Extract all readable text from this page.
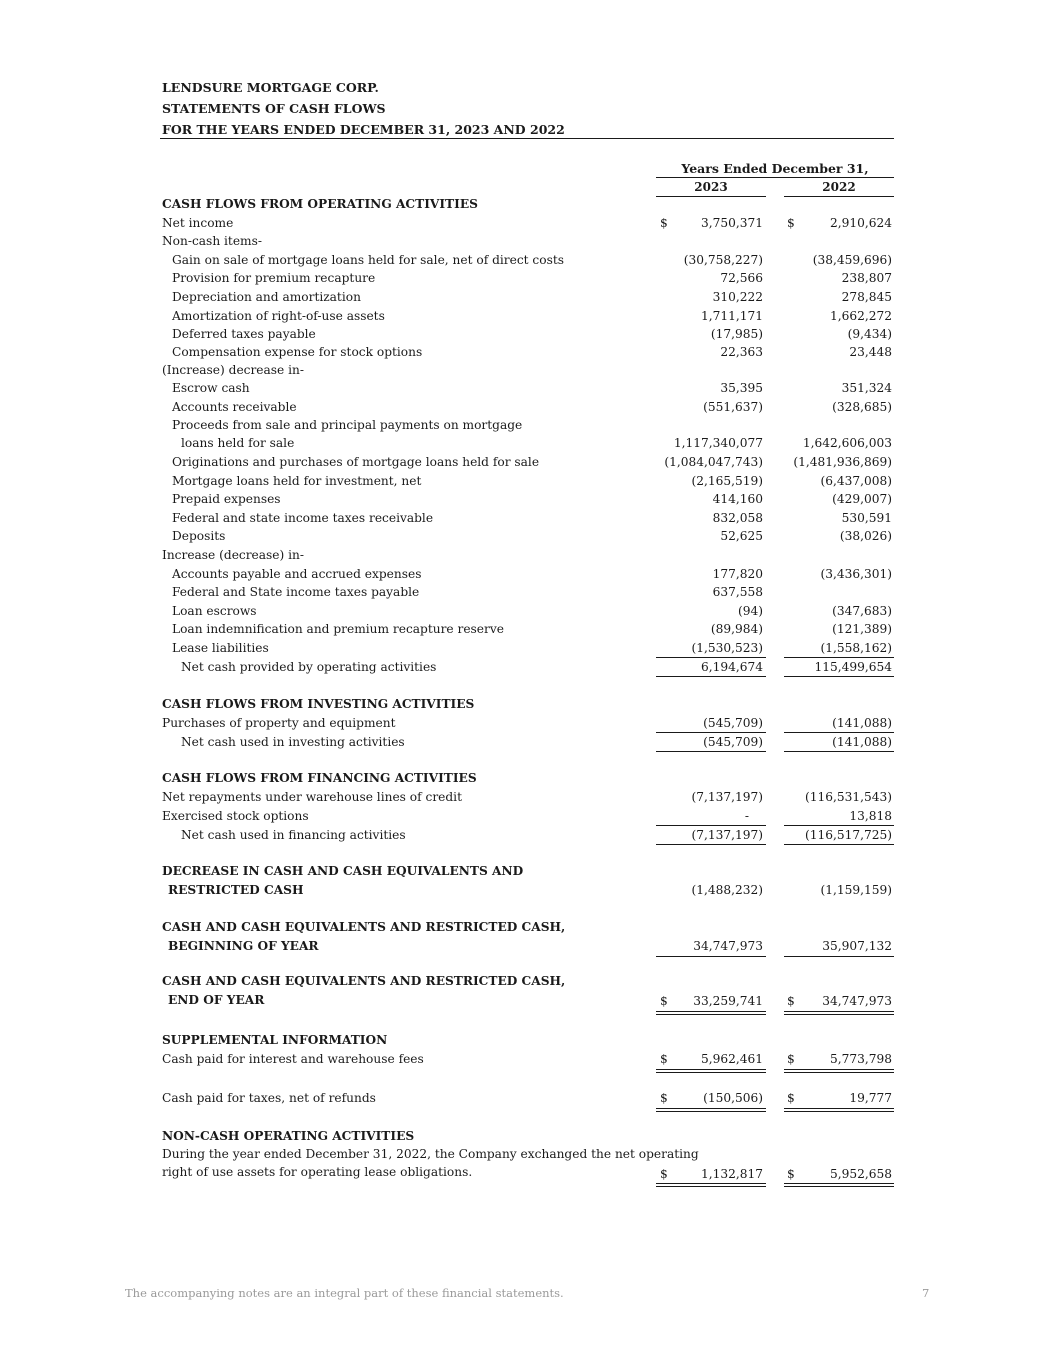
LENDSURE MORTGAGE CORP.
STATEMENTS OF CASH FLOWS
FOR THE YEARS ENDED DECEMBER 31, 2023 AND 2022
Years Ended December 31,
2023	2022
CASH FLOWS FROM OPERATING ACTIVITIES
Net income	$	3,750,371 $	2,910,624
Non-cash items-
Gain on sale of mortgage loans held for sale, net of direct costs	(30,758,227)	(38,459,696)
Provision for premium recapture	72,566	238,807
Depreciation and amortization	310,222	278,845
Amortization of right-of-use assets	1,711,171	1,662,272
Deferred taxes payable	(17,985)	(9,434)
Compensation expense for stock options	22,363	23,448
(Increase) decrease in-
Escrow cash	35,395	351,324
Accounts receivable	(551,637)	(328,685)
Proceeds from sale and principal payments on mortgage
loans held for sale	1,117,340,077	1,642,606,003
Originations and purchases of mortgage loans held for sale	(1,084,047,743) (1,481,936,869)
Mortgage loans held for investment, net	(2,165,519)	(6,437,008)
Prepaid expenses	414,160	(429,007)
Federal and state income taxes receivable	832,058	530,591
Deposits	52,625	(38,026)
Increase (decrease) in-
Accounts payable and accrued expenses	177,820	(3,436,301)
Federal and State income taxes payable	637,558
Loan escrows	(94)	(347,683)
Loan indemnification and premium recapture reserve	(89,984)	(121,389)
Lease liabilities	(1,530,523)	(1,558,162)
Net cash provided by operating activities	6,194,674	115,499,654
CASH FLOWS FROM INVESTING ACTIVITIES
Purchases of property and equipment	(545,709)	(141,088)
Net cash used in investing activities	(545,709)	(141,088)
CASH FLOWS FROM FINANCING ACTIVITIES
Net repayments under warehouse lines of credit	(7,137,197)	(116,531,543)
Exercised stock options	-	13,818
Net cash used in financing activities	(7,137,197)	(116,517,725)
DECREASE IN CASH AND CASH EQUIVALENTS AND
RESTRICTED CASH	(1,488,232)	(1,159,159)
CASH AND CASH EQUIVALENTS AND RESTRICTED CASH,
BEGINNING OF YEAR	34,747,973	35,907,132
CASH AND CASH EQUIVALENTS AND RESTRICTED CASH,
END OF YEAR	$ 33,259,741 $ 34,747,973
SUPPLEMENTAL INFORMATION
Cash paid for interest and warehouse fees	$	5,962,461 $	5,773,798
Cash paid for taxes, net of refunds	$	(150,506) $	19,777
NON-CASH OPERATING ACTIVITIES
During the year ended December 31, 2022, the Company exchanged the net operating
right of use assets for operating lease obligations.	$	1,132,817 $	5,952,658
The accompanying notes are an integral part of these financial statements.	7
